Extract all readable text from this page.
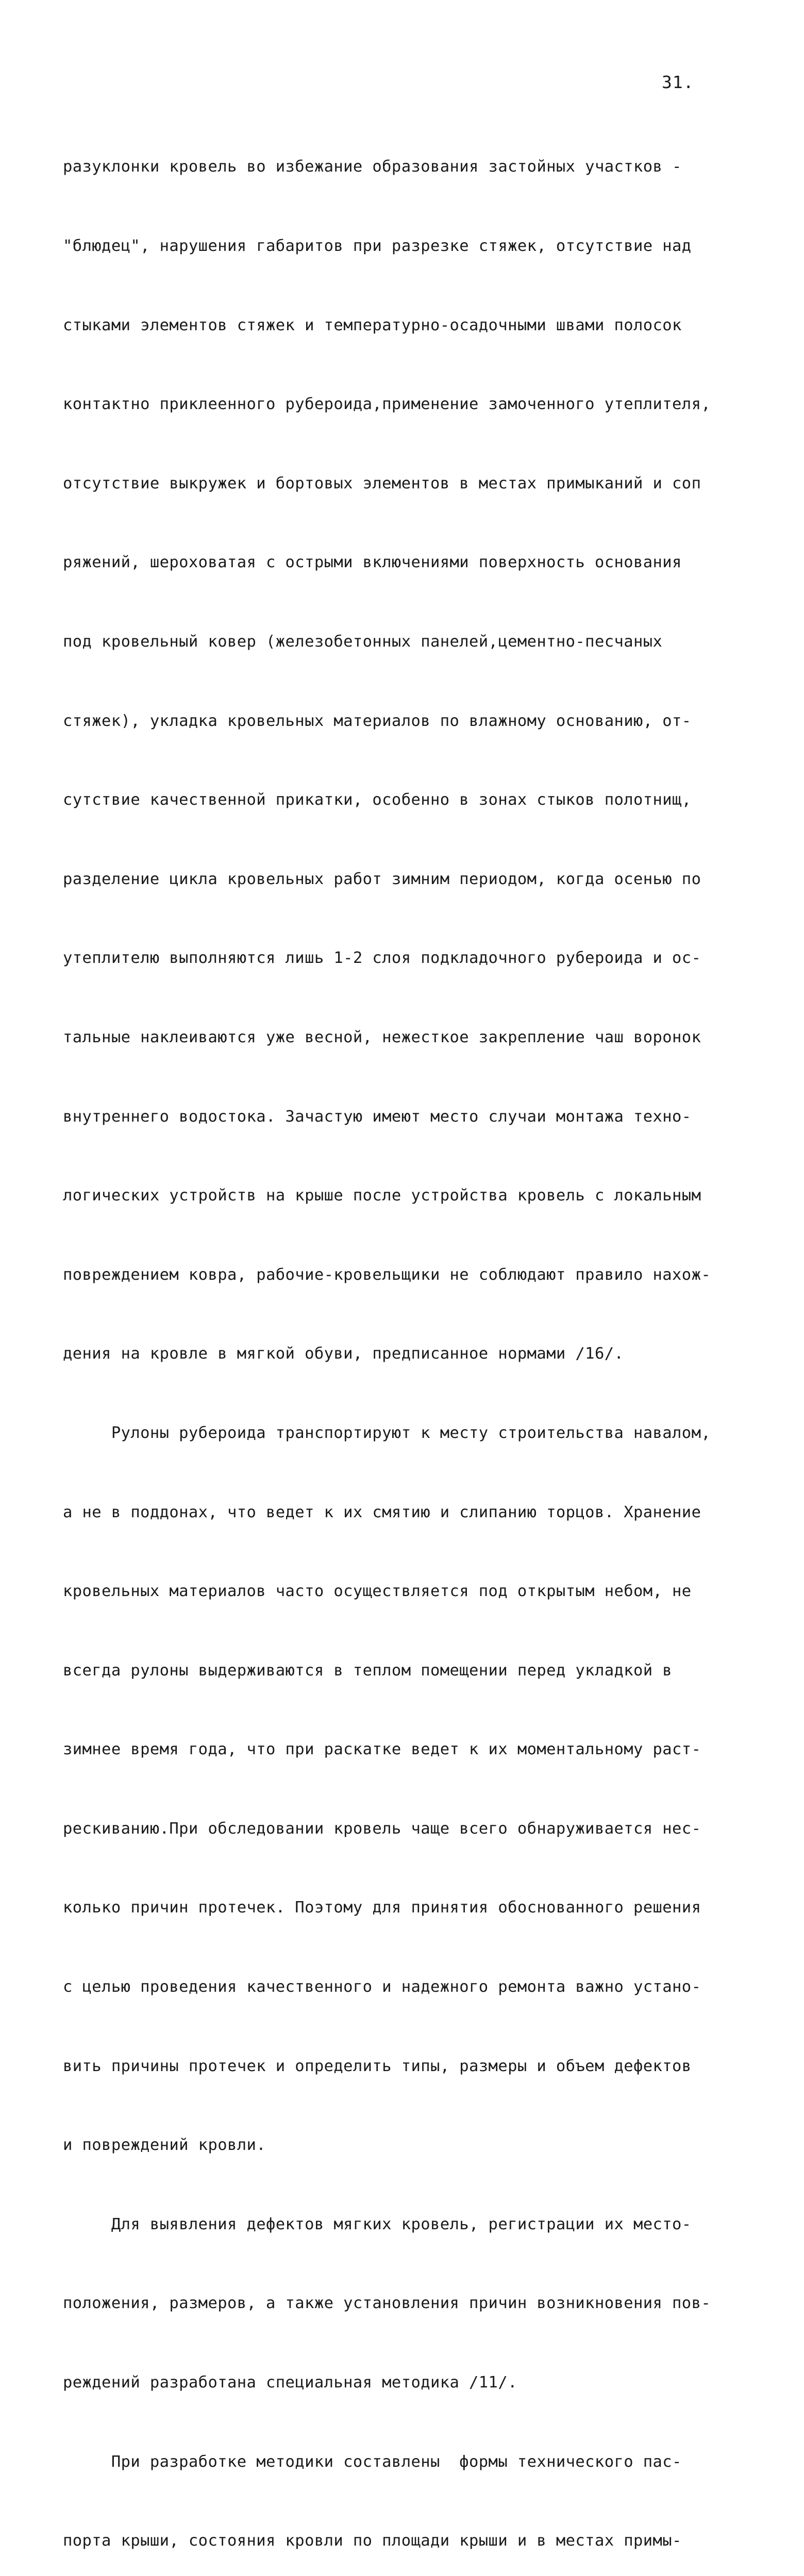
31.

разуклонки кровель во избежание образования застойных участков -

"блюдец", нарушения габаритов при разрезке стяжек, отсутствие над

стыками элементов стяжек и температурно-осадочными швами полосок

контактно приклеенного рубероида,применение замоченного утеплителя,

отсутствие выкружек и бортовых элементов в местах примыканий и соп

ряжений, шероховатая с острыми включениями поверхность основания

под кровельный ковер (железобетонных панелей,цементно-песчаных

стяжек), укладка кровельных материалов по влажному основанию, от-

сутствие качественной прикатки, особенно в зонах стыков полотнищ,

разделение цикла кровельных работ зимним периодом, когда осенью по

утеплителю выполняются лишь 1-2 слоя подкладочного рубероида и ос-

тальные наклеиваются уже весной, нежесткое закрепление чаш воронок

внутреннего водостока. Зачастую имеют место случаи монтажа техно-

логических устройств на крыше после устройства кровель с локальным

повреждением ковра, рабочие-кровельщики не соблюдают правило нахож-

дения на кровле в мягкой обуви, предписанное нормами /16/.

Рулоны рубероида транспортируют к месту строительства навалом,

а не в поддонах, что ведет к их смятию и слипанию торцов. Хранение

кровельных материалов часто осуществляется под открытым небом, не

всегда рулоны выдерживаются в теплом помещении перед укладкой в

зимнее время года, что при раскатке ведет к их моментальному раст-

рескиванию.При обследовании кровель чаще всего обнаруживается нес-

колько причин протечек. Поэтому для принятия обоснованного решения

с целью проведения качественного и надежного ремонта важно устано-

вить причины протечек и определить типы, размеры и объем дефектов

и повреждений кровли.

Для выявления дефектов мягких кровель, регистрации их место-

положения, размеров, а также установления причин возникновения пов-

реждений разработана специальная методика /11/.

При разработке методики составлены  формы технического пас-

порта крыши, состояния кровли по площади крыши и в местах примы-
